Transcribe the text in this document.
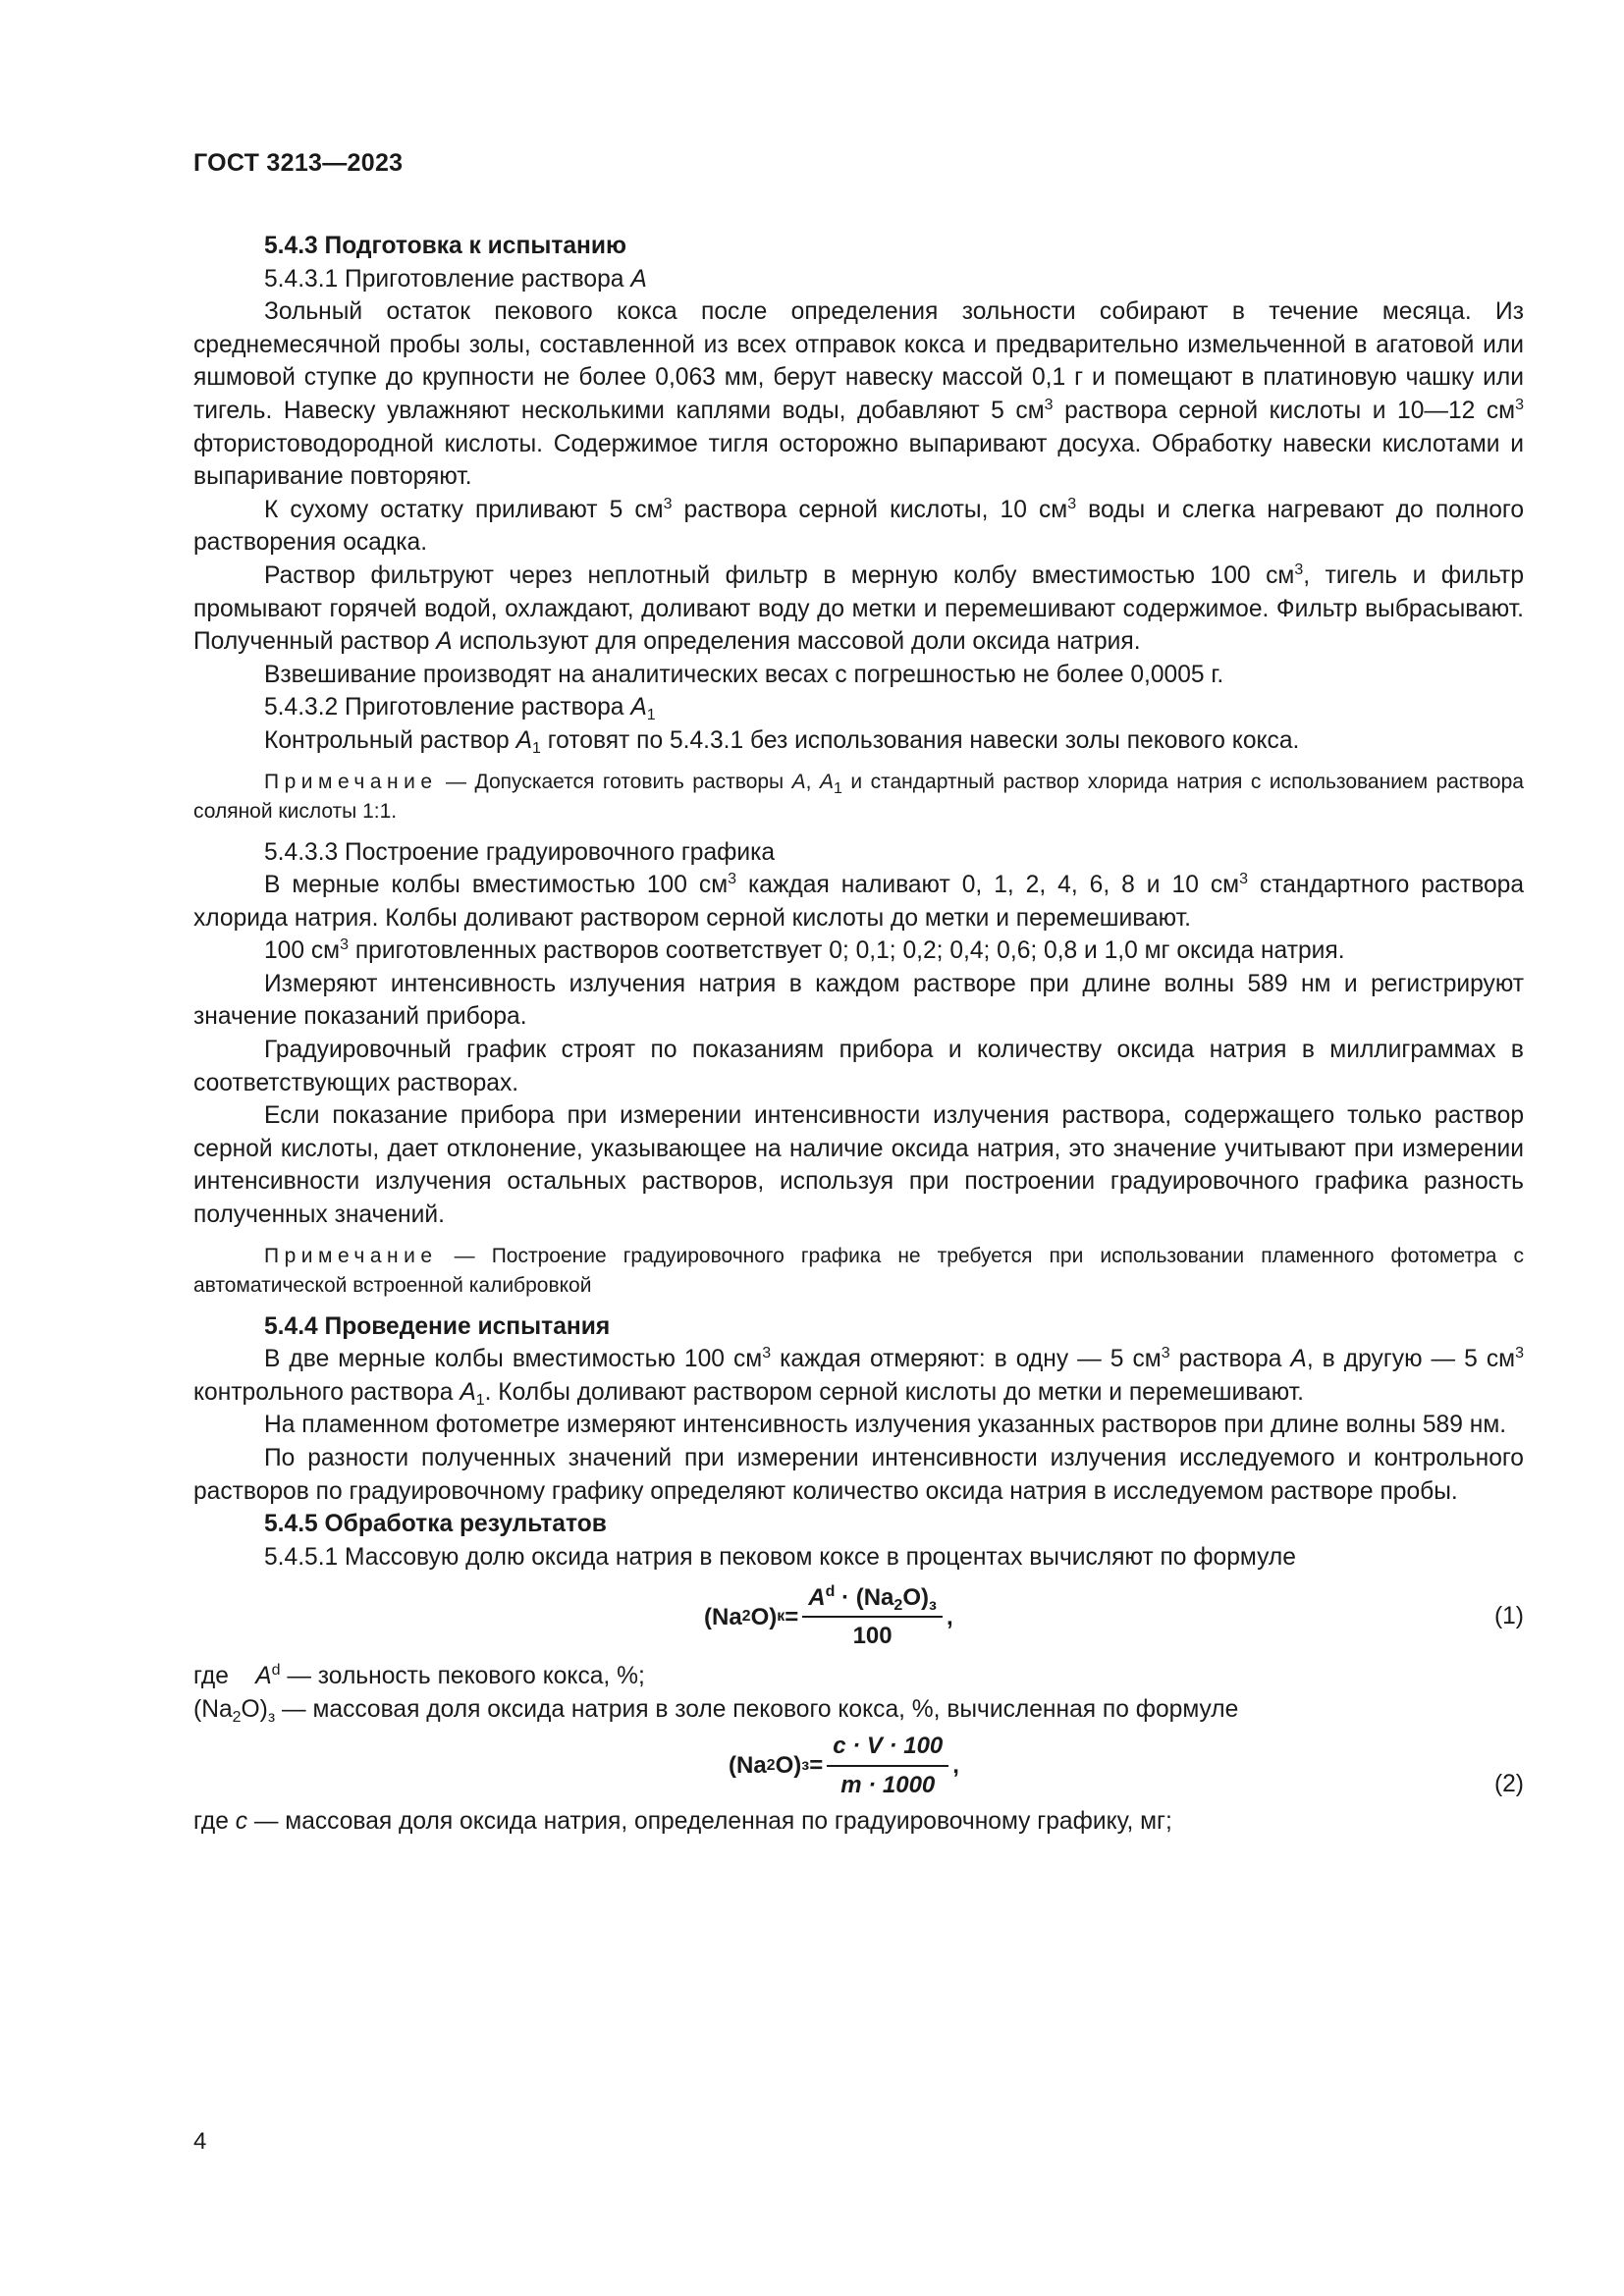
ГОСТ 3213—2023

5.4.3 Подготовка к испытанию

5.4.3.1 Приготовление раствора A

Зольный остаток пекового кокса после определения зольности собирают в течение месяца. Из среднемесячной пробы золы, составленной из всех отправок кокса и предварительно измельченной в агатовой или яшмовой ступке до крупности не более 0,063 мм, берут навеску массой 0,1 г и помещают в платиновую чашку или тигель. Навеску увлажняют несколькими каплями воды, добавляют 5 $см^3$ раствора серной кислоты и 10—12 $см^3$ фтористоводородной кислоты. Содержимое тигля осторожно выпаривают досуха. Обработку навески кислотами и выпаривание повторяют.

К сухому остатку приливают 5 $см^3$ раствора серной кислоты, 10 $см^3$ воды и слегка нагревают до полного растворения осадка.

Раствор фильтруют через неплотный фильтр в мерную колбу вместимостью 100 $см^3$, тигель и фильтр промывают горячей водой, охлаждают, доливают воду до метки и перемешивают содержимое. Фильтр выбрасывают. Полученный раствор A используют для определения массовой доли оксида натрия.

Взвешивание производят на аналитических весах с погрешностью не более 0,0005 г.

5.4.3.2 Приготовление раствора $A_1$

Контрольный раствор $A_1$ готовят по 5.4.3.1 без использования навески золы пекового кокса.

Примечание — Допускается готовить растворы A, $A_1$ и стандартный раствор хлорида натрия с использованием раствора соляной кислоты 1:1.

5.4.3.3 Построение градуировочного графика

В мерные колбы вместимостью 100 $см^3$ каждая наливают 0, 1, 2, 4, 6, 8 и 10 $см^3$ стандартного раствора хлорида натрия. Колбы доливают раствором серной кислоты до метки и перемешивают.

100 $см^3$ приготовленных растворов соответствует 0; 0,1; 0,2; 0,4; 0,6; 0,8 и 1,0 мг оксида натрия.

Измеряют интенсивность излучения натрия в каждом растворе при длине волны 589 нм и регистрируют значение показаний прибора.

Градуировочный график строят по показаниям прибора и количеству оксида натрия в миллиграммах в соответствующих растворах.

Если показание прибора при измерении интенсивности излучения раствора, содержащего только раствор серной кислоты, дает отклонение, указывающее на наличие оксида натрия, это значение учитывают при измерении интенсивности излучения остальных растворов, используя при построении градуировочного графика разность полученных значений.

Примечание — Построение градуировочного графика не требуется при использовании пламенного фотометра с автоматической встроенной калибровкой

5.4.4 Проведение испытания

В две мерные колбы вместимостью 100 $см^3$ каждая отмеряют: в одну — 5 $см^3$ раствора A, в другую — 5 $см^3$ контрольного раствора $A_1$. Колбы доливают раствором серной кислоты до метки и перемешивают.

На пламенном фотометре измеряют интенсивность излучения указанных растворов при длине волны 589 нм.

По разности полученных значений при измерении интенсивности излучения исследуемого и контрольного растворов по градуировочному графику определяют количество оксида натрия в исследуемом растворе пробы.

5.4.5 Обработка результатов

5.4.5.1 Массовую долю оксида натрия в пековом коксе в процентах вычисляют по формуле

(Na 2 O) $к = \frac{A^d \cdot (Na_2O)_з}{100}$ ,	(1)

где    $A^d$ — зольность пекового кокса, %;

$(Na_2O)_з$ — массовая доля оксида натрия в золе пекового кокса, %, вычисленная по формуле

(Na 2 O) $з = \frac{c \cdot V \cdot 100}{m \cdot 1000}$ ,
(2)

где c — массовая доля оксида натрия, определенная по градуировочному графику, мг;

4
